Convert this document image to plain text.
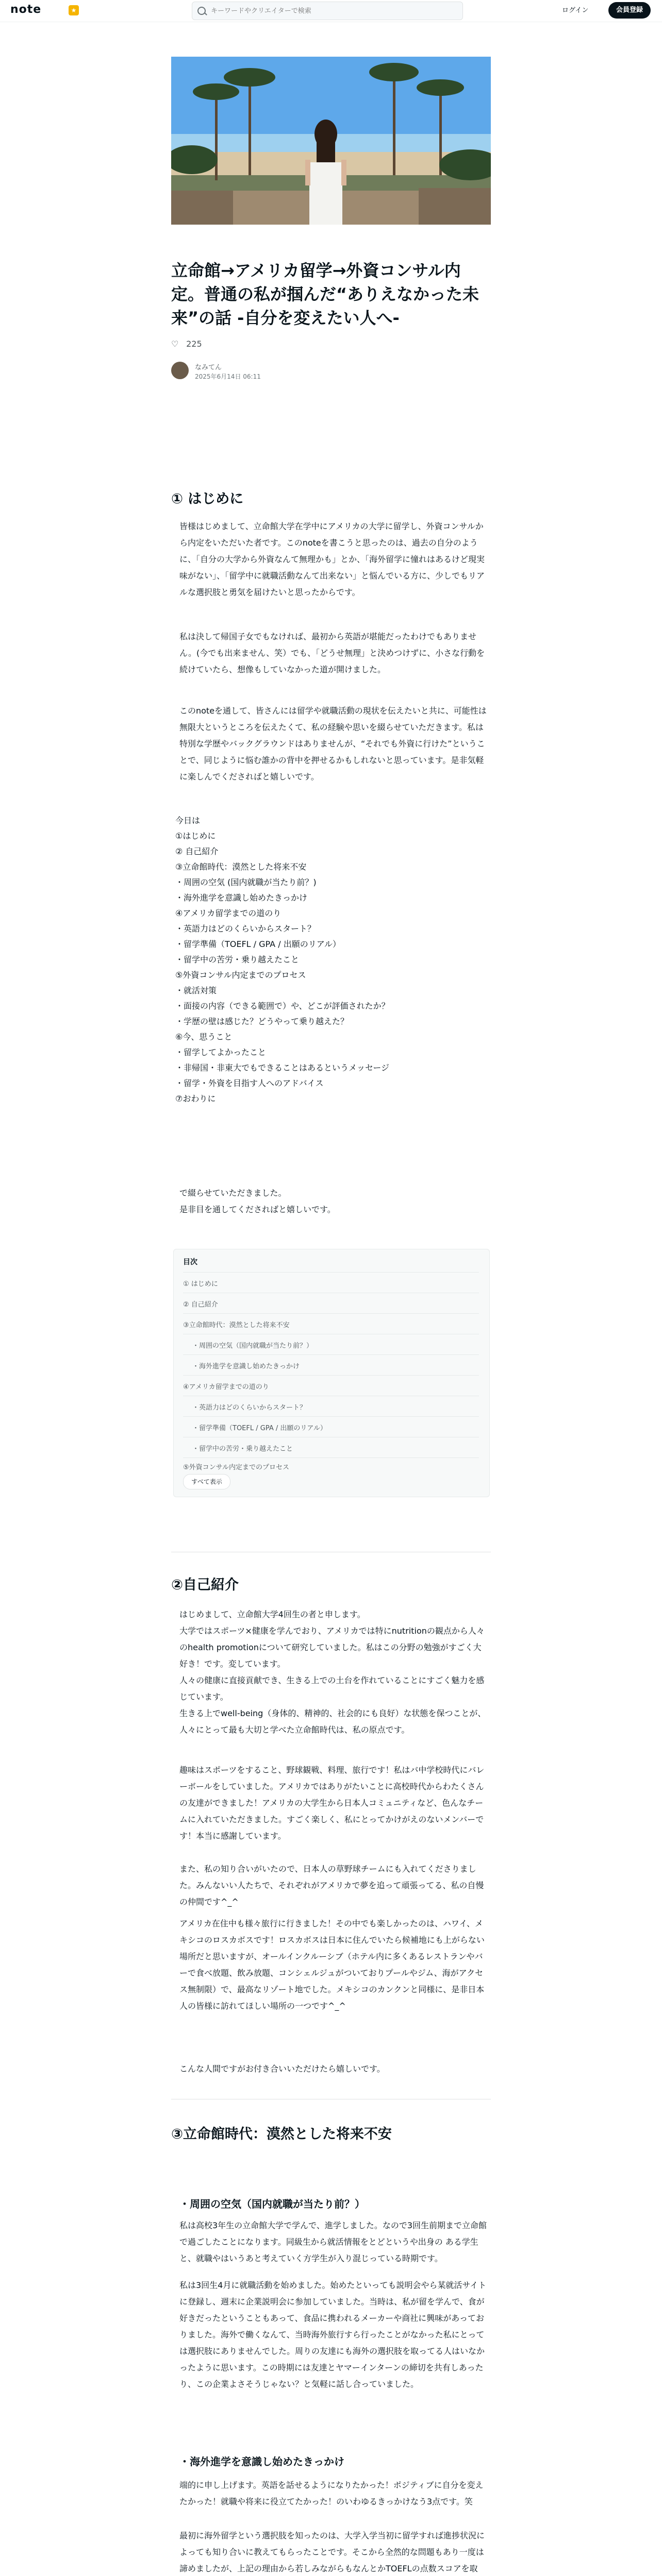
note	★
キーワードやクリエイターで検索	ログイン	会員登録
立命館→アメリカ留学→外資コンサル内定。普通の私が掴んだ“ありえなかった未来”の話 -自分を変えたい人へ-
♡ 225
なみてん
2025年6月14日 06:11
① はじめに
皆様はじめまして、立命館大学在学中にアメリカの大学に留学し、外資コンサルから内定をいただいた者です。このnoteを書こうと思ったのは、過去の自分のように、「自分の大学から外資なんて無理かも」とか、「海外留学に憧れはあるけど現実味がない」、「留学中に就職活動なんて出来ない」と悩んでいる方に、少しでもリアルな選択肢と勇気を届けたいと思ったからです。
私は決して帰国子女でもなければ、最初から英語が堪能だったわけでもありません。(今でも出来ません、笑）でも、「どうせ無理」と決めつけずに、小さな行動を続けていたら、想像もしていなかった道が開けました。
このnoteを通して、皆さんには留学や就職活動の現状を伝えたいと共に、可能性は無限大というところを伝えたくて、私の経験や思いを綴らせていただきます。私は特別な学歴やバックグラウンドはありませんが、“それでも外資に行けた”ということで、同じように悩む誰かの背中を押せるかもしれないと思っています。是非気軽に楽しんでくださればと嬉しいです。
今日は
①はじめに
② 自己紹介
③立命館時代：漠然とした将来不安
・周囲の空気 (国内就職が当たり前？)
・海外進学を意識し始めたきっかけ
④アメリカ留学までの道のり
・英語力はどのくらいからスタート？
・留学準備（TOEFL / GPA / 出願のリアル）
・留学中の苦労・乗り越えたこと
⑤外資コンサル内定までのプロセス
・就活対策
・面接の内容（できる範囲で）や、どこが評価されたか？
・学歴の壁は感じた？どうやって乗り越えた？
⑥今、思うこと
・留学してよかったこと
・非帰国・非東大でもできることはあるというメッセージ
・留学・外資を目指す人へのアドバイス
⑦おわりに
で綴らせていただきました。
是非目を通してくださればと嬉しいです。
目次
① はじめに
② 自己紹介
③立命館時代：漠然とした将来不安
・周囲の空気（国内就職が当たり前？）
・海外進学を意識し始めたきっかけ
④アメリカ留学までの道のり
・英語力はどのくらいからスタート？
・留学準備（TOEFL / GPA / 出願のリアル）
・留学中の苦労・乗り越えたこと
⑤外資コンサル内定までのプロセス
すべて表示
②自己紹介
はじめまして、立命館大学4回生の者と申します。
大学ではスポーツ×健康を学んでおり、アメリカでは特にnutritionの観点から人々のhealth promotionについて研究していました。私はこの分野の勉強がすごく大好き！です。変しています。
人々の健康に直接貢献でき、生きる上での土台を作れていることにすごく魅力を感じています。
生きる上でwell-being（身体的、精神的、社会的にも良好）な状態を保つことが、人々にとって最も大切と学べた立命館時代は、私の原点です。
趣味はスポーツをすること、野球観戦、料理、旅行です！私はバ中学校時代にバレーボールをしていました。アメリカではありがたいことに高校時代からわたくさんの友達ができました！アメリカの大学生から日本人コミュニティなど、色んなチームに入れていただきました。すごく楽しく、私にとってかけがえのないメンバーです！本当に感謝しています。
また、私の知り合いがいたので、日本人の草野球チームにも入れてくださりました。みんないい人たちで、それぞれがアメリカで夢を追って頑張ってる、私の自慢の仲間です^_^
アメリカ在住中も様々旅行に行きました！その中でも楽しかったのは、ハワイ、メキシコのロスカボスです！ロスカボスは日本に住んでいたら候補地にも上がらない場所だと思いますが、オールインクルーシブ（ホテル内に多くあるレストランやバーで食べ放題、飲み放題、コンシェルジュがついておりプールやジム、海がアクセス無制限）で、最高なリゾート地でした。メキシコのカンクンと同様に、是非日本人の皆様に訪れてほしい場所の一つです^_^
こんな人間ですがお付き合いいただけたら嬉しいです。
③立命館時代：漠然とした将来不安
・周囲の空気（国内就職が当たり前？）
私は高校3年生の立命館大学で学んで、進学しました。なので3回生前期まで立命館で過ごしたことになります。同級生から就活情報をとどというや出身の ある学生と、就職やはいうあと考えていく方学生が入り混じっている時期です。
私は3回生4月に就職活動を始めました。始めたといっても説明会やら某就活サイトに登録し、週末に企業説明会に参加していました。当時は、私が留を学んで、食が好きだったということもあって、食品に携われるメーカーや商社に興味があっておりました。海外で働くなんて、当時海外旅行すら行ったことがなかった私にとっては選択肢にありませんでした。周りの友達にも海外の選択肢を取ってる人はいなかったように思います。この時期には友達とヤマーインターンの締切を共有しあったり、この企業よさそうじゃない？と気軽に話し合っていました。
・海外進学を意識し始めたきっかけ
端的に申し上げます。英語を話せるようになりたかった！ポジティブに自分を変えたかった！就職や将来に役立てたかった！のいわゆるきっかけなう3点です。笑
最初に海外留学という選択肢を知ったのは、大学入学当初に留学すれば進捗状況によっても知り合いに教えてもらったことです。そこから全然的な問題もあり一度は諦めましたが、上記の理由から若しみながらもなんとかTOEFLの点数スコアを取
